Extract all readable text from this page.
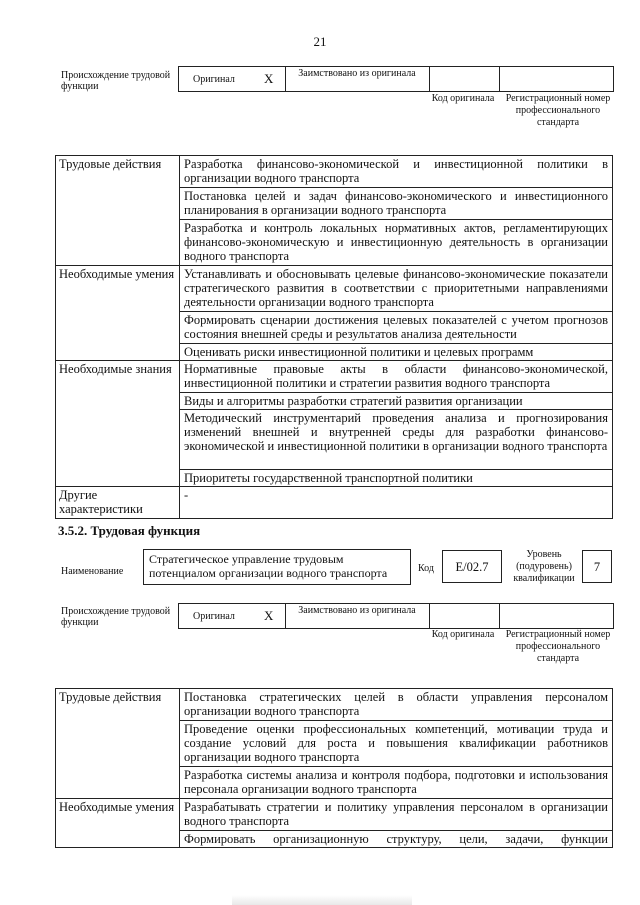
21
Происхождение трудовой функции
Оригинал X	Заимствовано из оригинала
Код оригинала	Регистрационный номер профессионального стандарта
Трудовые действия	Разработка финансово-экономической и инвестиционной политики в организации водного транспорта
	Постановка целей и задач финансово-экономического и инвестиционного планирования в организации водного транспорта
	Разработка и контроль локальных нормативных актов, регламентирующих финансово-экономическую и инвестиционную деятельность в организации водного транспорта
Необходимые умения	Устанавливать и обосновывать целевые финансово-экономические показатели стратегического развития в соответствии с приоритетными направлениями деятельности организации водного транспорта
	Формировать сценарии достижения целевых показателей с учетом прогнозов состояния внешней среды и результатов анализа деятельности
	Оценивать риски инвестиционной политики и целевых программ
Необходимые знания	Нормативные правовые акты в области финансово-экономической, инвестиционной политики и стратегии развития водного транспорта
	Виды и алгоритмы разработки стратегий развития организации
	Методический инструментарий проведения анализа и прогнозирования изменений внешней и внутренней среды для разработки финансово-экономической и инвестиционной политики в организации водного транспорта
	Приоритеты государственной транспортной политики
Другие характеристики	-
3.5.2. Трудовая функция
Наименование
Стратегическое управление трудовым потенциалом организации водного транспорта	Код	E/02.7
Уровень (подуровень) квалификации
7
Происхождение трудовой функции
Оригинал X	Заимствовано из оригинала
Код оригинала	Регистрационный номер профессионального стандарта
Трудовые действия	Постановка стратегических целей в области управления персоналом организации водного транспорта
	Проведение оценки профессиональных компетенций, мотивации труда и создание условий для роста и повышения квалификации работников организации водного транспорта
	Разработка системы анализа и контроля подбора, подготовки и использования персонала организации водного транспорта
Необходимые умения	Разрабатывать стратегии и политику управления персоналом в организации водного транспорта
	Формировать организационную структуру, цели, задачи, функции
